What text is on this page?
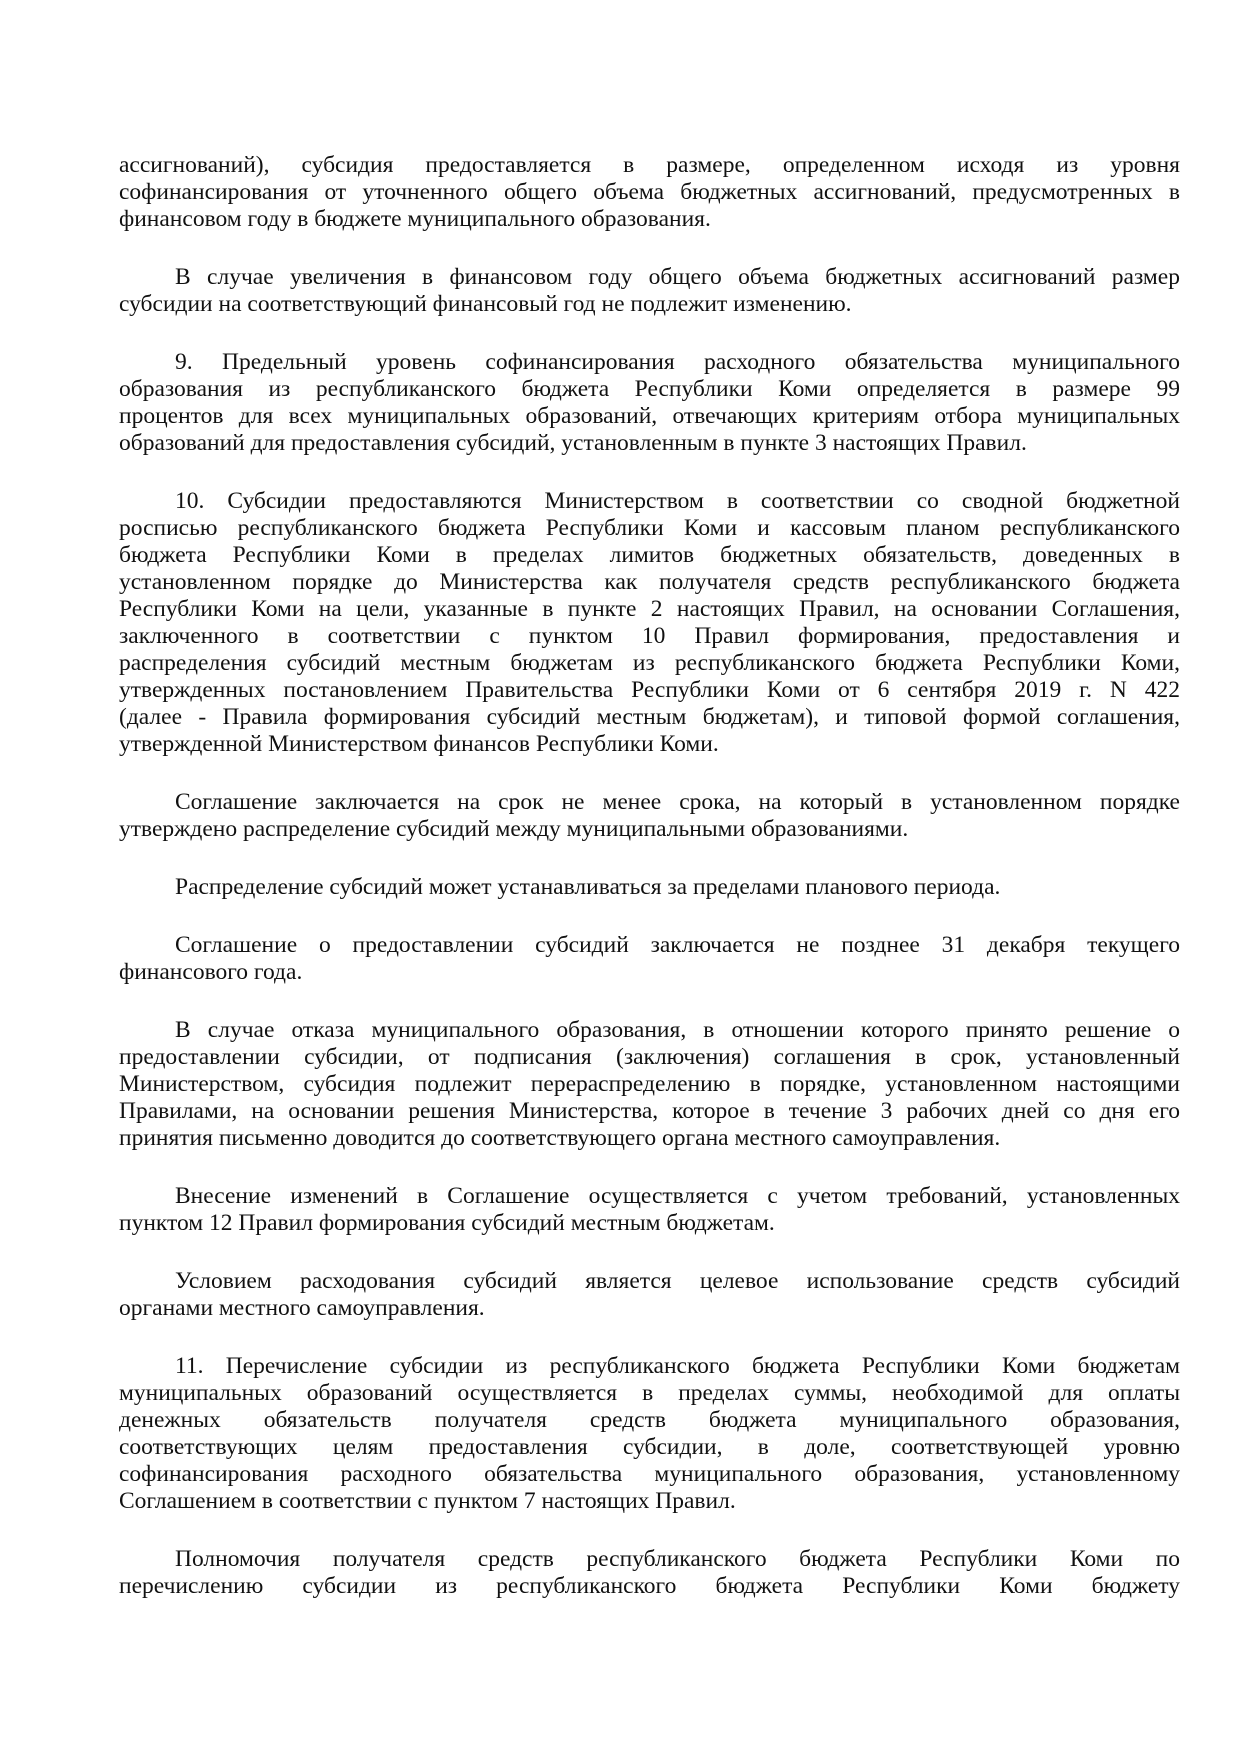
ассигнований), субсидия предоставляется в размере, определенном исходя из уровня
софинансирования от уточненного общего объема бюджетных ассигнований, предусмотренных в
финансовом году в бюджете муниципального образования.

В случае увеличения в финансовом году общего объема бюджетных ассигнований размер
субсидии на соответствующий финансовый год не подлежит изменению.

9. Предельный уровень софинансирования расходного обязательства муниципального
образования из республиканского бюджета Республики Коми определяется в размере 99
процентов для всех муниципальных образований, отвечающих критериям отбора муниципальных
образований для предоставления субсидий, установленным в пункте 3 настоящих Правил.

10. Субсидии предоставляются Министерством в соответствии со сводной бюджетной
росписью республиканского бюджета Республики Коми и кассовым планом республиканского
бюджета Республики Коми в пределах лимитов бюджетных обязательств, доведенных в
установленном порядке до Министерства как получателя средств республиканского бюджета
Республики Коми на цели, указанные в пункте 2 настоящих Правил, на основании Соглашения,
заключенного в соответствии с пунктом 10 Правил формирования, предоставления и
распределения субсидий местным бюджетам из республиканского бюджета Республики Коми,
утвержденных постановлением Правительства Республики Коми от 6 сентября 2019 г. N 422
(далее - Правила формирования субсидий местным бюджетам), и типовой формой соглашения,
утвержденной Министерством финансов Республики Коми.

Соглашение заключается на срок не менее срока, на который в установленном порядке
утверждено распределение субсидий между муниципальными образованиями.

Распределение субсидий может устанавливаться за пределами планового периода.

Соглашение о предоставлении субсидий заключается не позднее 31 декабря текущего
финансового года.

В случае отказа муниципального образования, в отношении которого принято решение о
предоставлении субсидии, от подписания (заключения) соглашения в срок, установленный
Министерством, субсидия подлежит перераспределению в порядке, установленном настоящими
Правилами, на основании решения Министерства, которое в течение 3 рабочих дней со дня его
принятия письменно доводится до соответствующего органа местного самоуправления.

Внесение изменений в Соглашение осуществляется с учетом требований, установленных
пунктом 12 Правил формирования субсидий местным бюджетам.

Условием расходования субсидий является целевое использование средств субсидий
органами местного самоуправления.

11. Перечисление субсидии из республиканского бюджета Республики Коми бюджетам
муниципальных образований осуществляется в пределах суммы, необходимой для оплаты
денежных обязательств получателя средств бюджета муниципального образования,
соответствующих целям предоставления субсидии, в доле, соответствующей уровню
софинансирования расходного обязательства муниципального образования, установленному
Соглашением в соответствии с пунктом 7 настоящих Правил.

Полномочия получателя средств республиканского бюджета Республики Коми по
перечислению субсидии из республиканского бюджета Республики Коми бюджету
